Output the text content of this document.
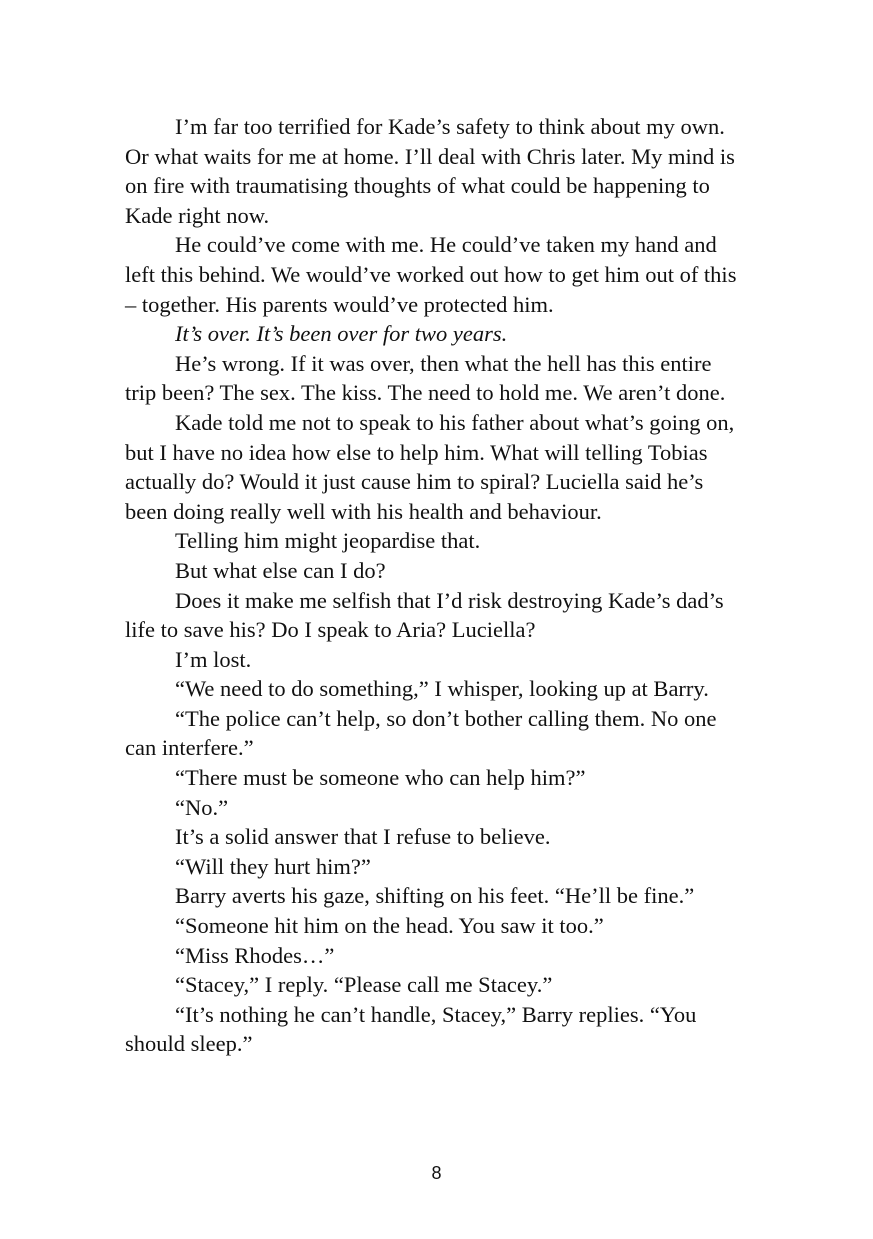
I’m far too terrified for Kade’s safety to think about my own. Or what waits for me at home. I’ll deal with Chris later. My mind is on fire with traumatising thoughts of what could be happening to Kade right now.

He could’ve come with me. He could’ve taken my hand and left this behind. We would’ve worked out how to get him out of this – together. His parents would’ve protected him.

It’s over. It’s been over for two years.

He’s wrong. If it was over, then what the hell has this entire trip been? The sex. The kiss. The need to hold me. We aren’t done.

Kade told me not to speak to his father about what’s going on, but I have no idea how else to help him. What will telling Tobias actually do? Would it just cause him to spiral? Luciella said he’s been doing really well with his health and behaviour.

Telling him might jeopardise that.

But what else can I do?

Does it make me selfish that I’d risk destroying Kade’s dad’s life to save his? Do I speak to Aria? Luciella?

I’m lost.

“We need to do something,” I whisper, looking up at Barry.

“The police can’t help, so don’t bother calling them. No one can interfere.”

“There must be someone who can help him?”

“No.”

It’s a solid answer that I refuse to believe.

“Will they hurt him?”

Barry averts his gaze, shifting on his feet. “He’ll be fine.”

“Someone hit him on the head. You saw it too.”

“Miss Rhodes…”

“Stacey,” I reply. “Please call me Stacey.”

“It’s nothing he can’t handle, Stacey,” Barry replies. “You should sleep.”

8
